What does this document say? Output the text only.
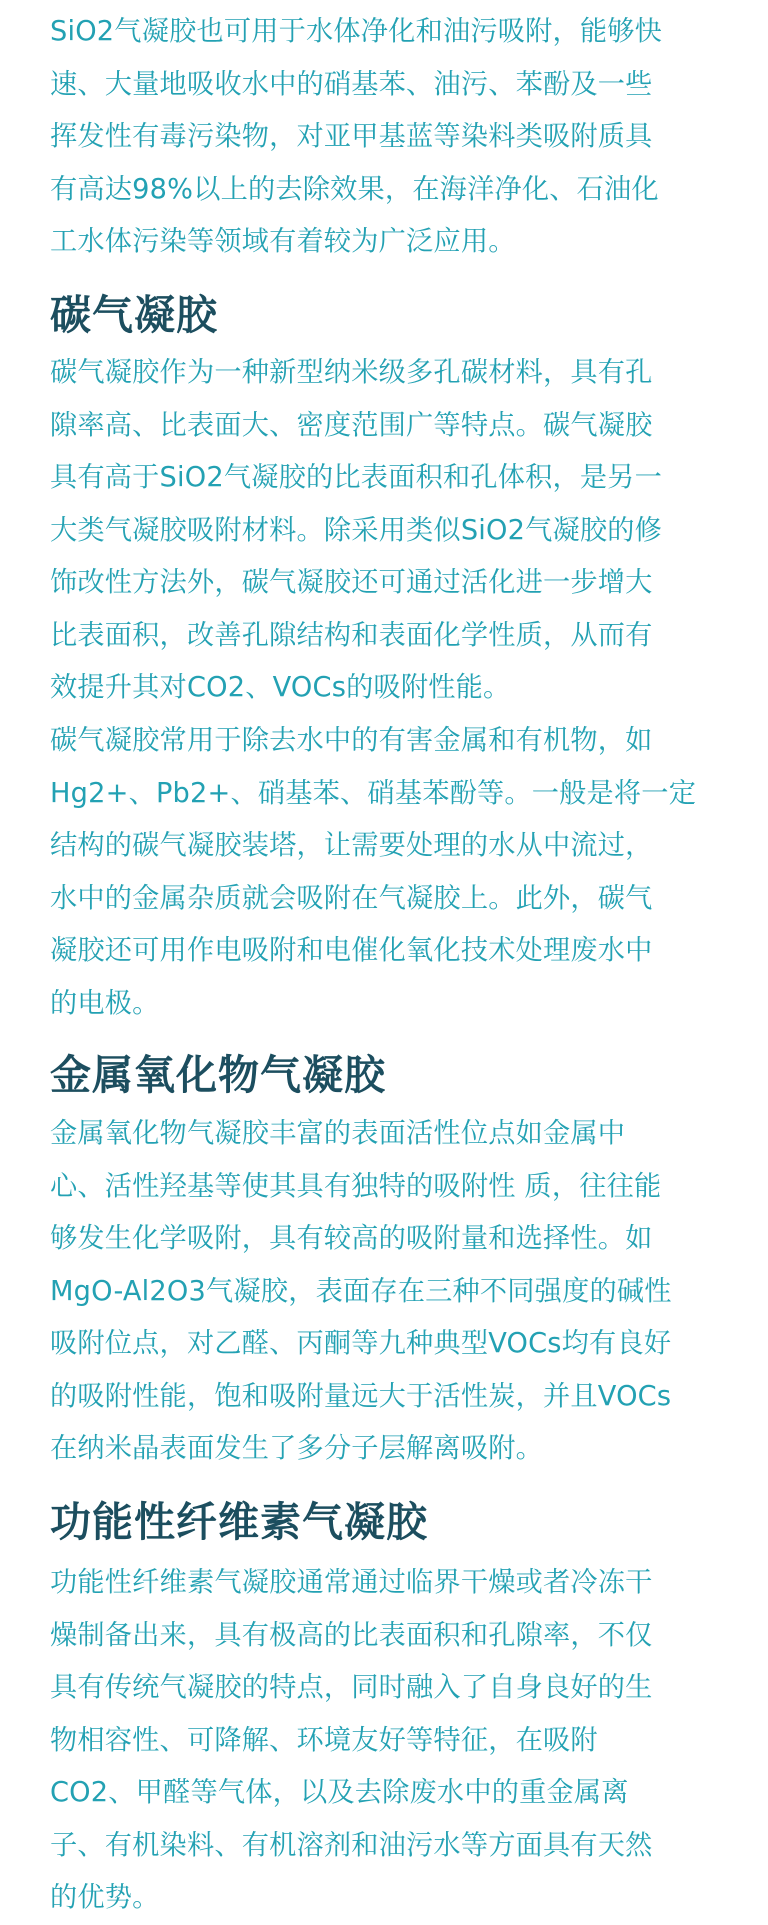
SiO2气凝胶也可用于水体净化和油污吸附，能够快

速、大量地吸收水中的硝基苯、油污、苯酚及一些

挥发性有毒污染物，对亚甲基蓝等染料类吸附质具

有高达98%以上的去除效果，在海洋净化、石油化

工水体污染等领域有着较为广泛应用。

碳气凝胶

碳气凝胶作为一种新型纳米级多孔碳材料，具有孔

隙率高、比表面大、密度范围广等特点。碳气凝胶

具有高于SiO2气凝胶的比表面积和孔体积，是另一

大类气凝胶吸附材料。除采用类似SiO2气凝胶的修

饰改性方法外，碳气凝胶还可通过活化进一步增大

比表面积，改善孔隙结构和表面化学性质，从而有

效提升其对CO2、VOCs的吸附性能。

碳气凝胶常用于除去水中的有害金属和有机物，如

Hg2+、Pb2+、硝基苯、硝基苯酚等。一般是将一定

结构的碳气凝胶装塔，让需要处理的水从中流过，

水中的金属杂质就会吸附在气凝胶上。此外，碳气

凝胶还可用作电吸附和电催化氧化技术处理废水中

的电极。

金属氧化物气凝胶

金属氧化物气凝胶丰富的表面活性位点如金属中

心、活性羟基等使其具有独特的吸附性 质，往往能

够发生化学吸附，具有较高的吸附量和选择性。如

MgO-Al2O3气凝胶，表面存在三种不同强度的碱性

吸附位点，对乙醛、丙酮等九种典型VOCs均有良好

的吸附性能，饱和吸附量远大于活性炭，并且VOCs

在纳米晶表面发生了多分子层解离吸附。

功能性纤维素气凝胶

功能性纤维素气凝胶通常通过临界干燥或者冷冻干

燥制备出来，具有极高的比表面积和孔隙率，不仅

具有传统气凝胶的特点，同时融入了自身良好的生

物相容性、可降解、环境友好等特征，在吸附

CO2、甲醛等气体，以及去除废水中的重金属离

子、有机染料、有机溶剂和油污水等方面具有天然

的优势。
